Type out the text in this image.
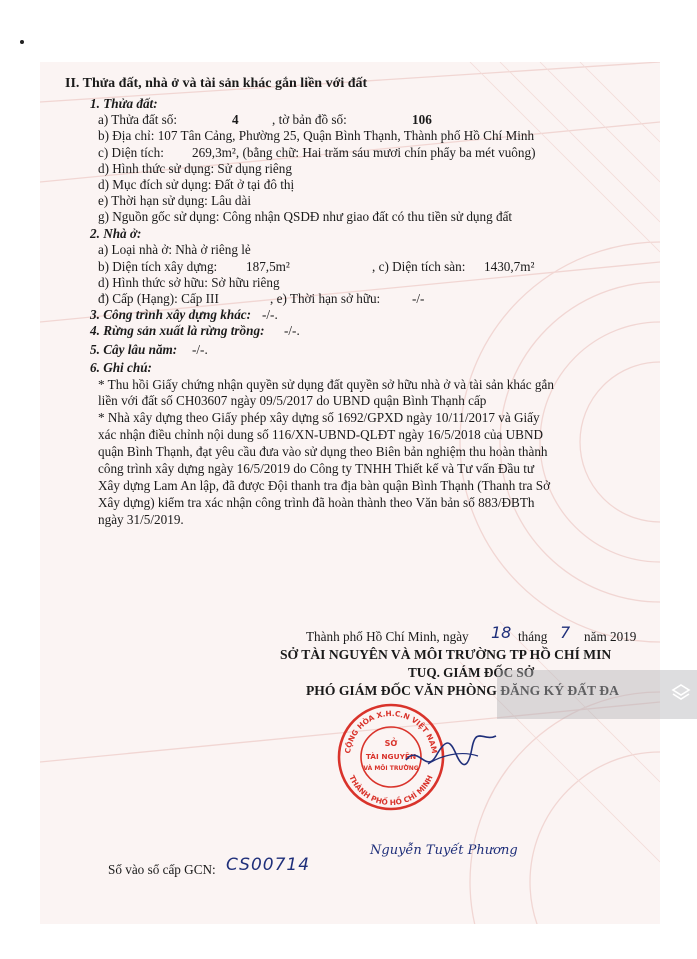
II. Thửa đất, nhà ở và tài sản khác gắn liền với đất
1. Thửa đất:
a) Thửa đất số:	4	, tờ bản đồ số:	106
b) Địa chỉ: 107 Tân Cảng, Phường 25, Quận Bình Thạnh, Thành phố Hồ Chí Minh
c) Diện tích: 269,3m², (bằng chữ: Hai trăm sáu mươi chín phẩy ba mét vuông)
d) Hình thức sử dụng: Sử dụng riêng
d) Mục đích sử dụng: Đất ở tại đô thị
e) Thời hạn sử dụng: Lâu dài
g) Nguồn gốc sử dụng: Công nhận QSDĐ như giao đất có thu tiền sử dụng đất
2. Nhà ở:
a) Loại nhà ở: Nhà ở riêng lẻ
b) Diện tích xây dựng: 187,5m²	, c) Diện tích sàn: 1430,7m²
d) Hình thức sở hữu: Sở hữu riêng
đ) Cấp (Hạng): Cấp III	, e) Thời hạn sở hữu: -/-
3. Công trình xây dựng khác: -/-.
4. Rừng sản xuất là rừng trồng: -/-.
5. Cây lâu năm: -/-.
6. Ghi chú:
* Thu hồi Giấy chứng nhận quyền sử dụng đất quyền sở hữu nhà ở và tài sản khác gắn
liền với đất số CH03607 ngày 09/5/2017 do UBND quận Bình Thạnh cấp
* Nhà xây dựng theo Giấy phép xây dựng số 1692/GPXD ngày 10/11/2017 và Giấy
xác nhận điều chỉnh nội dung số 116/XN-UBND-QLĐT ngày 16/5/2018 của UBND
quận Bình Thạnh, đạt yêu cầu đưa vào sử dụng theo Biên bản nghiệm thu hoàn thành
công trình xây dựng ngày 16/5/2019 do Công ty TNHH Thiết kế và Tư vấn Đầu tư
Xây dựng Lam An lập, đã được Đội thanh tra địa bàn quận Bình Thạnh (Thanh tra Sở
Xây dựng) kiểm tra xác nhận công trình đã hoàn thành theo Văn bản số 883/ĐBTh
ngày 31/5/2019.
Thành phố Hồ Chí Minh, ngày 18 tháng 7 năm 2019
SỞ TÀI NGUYÊN VÀ MÔI TRƯỜNG TP HỒ CHÍ MIN
TUQ. GIÁM ĐỐC SỞ
PHÓ GIÁM ĐỐC VĂN PHÒNG ĐĂNG KÝ ĐẤT ĐA
CỘNG HÒA X.H.C.N VIỆT NAM
THÀNH PHỐ HỒ CHÍ MINH
SỞ
TÀI NGUYÊN
VÀ MÔI TRƯỜNG
Nguyễn Tuyết Phương
Số vào sổ cấp GCN: CS00714
